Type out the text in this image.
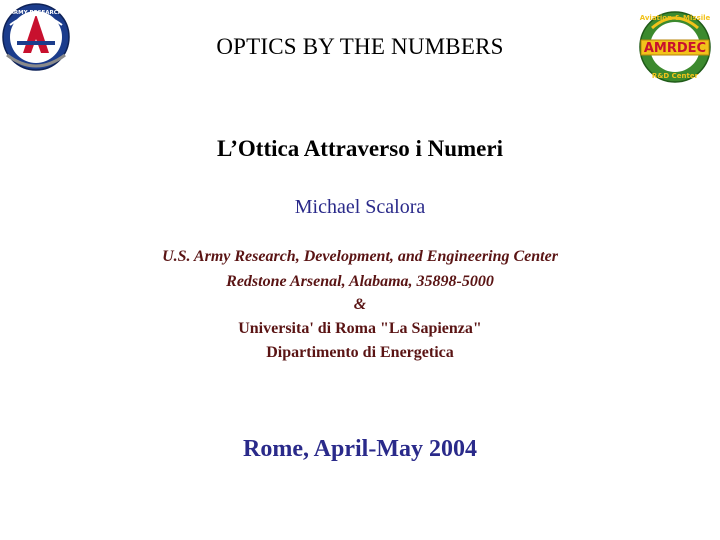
ARMY RESEARCH
Aviation & Missile
AMRDEC
R&D Center
OPTICS BY THE NUMBERS
L’Ottica Attraverso i Numeri
Michael Scalora
U.S. Army Research, Development, and Engineering Center
Redstone Arsenal, Alabama, 35898-5000
&
Universita' di Roma "La Sapienza"
Dipartimento di Energetica
Rome, April-May 2004
